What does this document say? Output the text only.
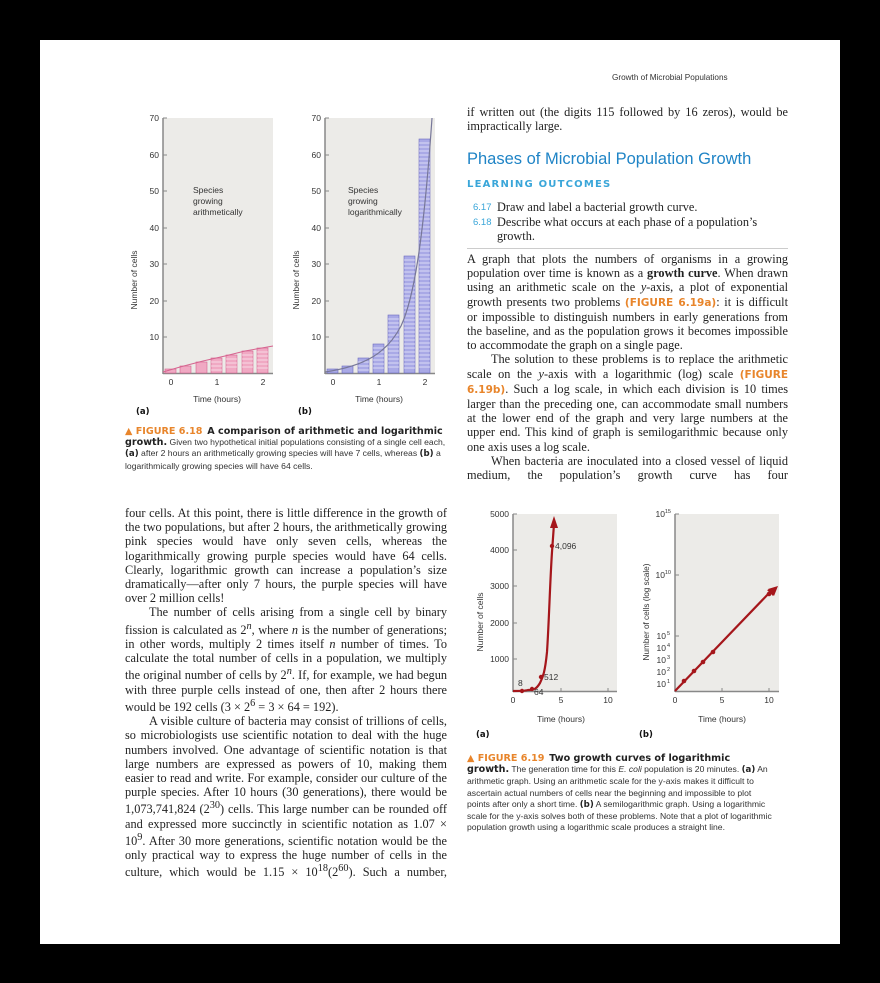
Growth of Microbial Populations
70
60
50
40
30
20
10
Species
growing
arithmetically
0	1	2
Time (hours)
Number of cells
70
60
50
40
30
20
10
Species
growing
logarithmically
0	1	2
Time (hours)
Number of cells
(a)	(b)
▲ FIGURE 6.18 A comparison of arithmetic and logarithmic growth. Given two hypothetical initial populations consisting of a single cell each, (a) after 2 hours an arithmetically growing species will have 7 cells, whereas (b) a logarithmically growing species will have 64 cells.
if written out (the digits 115 followed by 16 zeros), would be impractically large.
Phases of Microbial Population Growth
LEARNING OUTCOMES
6.17 Draw and label a bacterial growth curve.
6.18 Describe what occurs at each phase of a population’s growth.

A graph that plots the numbers of organisms in a growing population over time is known as a growth curve. When drawn using an arithmetic scale on the y-axis, a plot of exponential growth presents two problems (FIGURE 6.19a): it is difficult or impossible to distinguish numbers in early generations from the baseline, and as the population grows it becomes impossible to accommodate the graph on a single page.

The solution to these problems is to replace the arithmetic scale on the y-axis with a logarithmic (log) scale (FIGURE 6.19b). Such a log scale, in which each division is 10 times larger than the preceding one, can accommodate small numbers at the lower end of the graph and very large numbers at the upper end. This kind of graph is semilogarithmic because only one axis uses a log scale.

When bacteria are inoculated into a closed vessel of liquid medium, the population’s growth curve has four

four cells. At this point, there is little difference in the growth of the two populations, but after 2 hours, the arithmetically growing pink species would have only seven cells, whereas the logarithmically growing purple species would have 64 cells. Clearly, logarithmic growth can increase a population’s size dramatically—after only 7 hours, the purple species will have over 2 million cells!

The number of cells arising from a single cell by binary fission is calculated as 2$^n$, where n is the number of generations; in other words, multiply 2 times itself n number of times. To calculate the total number of cells in a population, we multiply the original number of cells by 2$^n$. If, for example, we had begun with three purple cells instead of one, then after 2 hours there would be 192 cells $(3 \times 2^6 = 3 \times 64 = 192)$.

A visible culture of bacteria may consist of trillions of cells, so microbiologists use scientific notation to deal with the huge numbers involved. One advantage of scientific notation is that large numbers are expressed as powers of 10, making them easier to read and write. For example, consider our culture of the purple species. After 10 hours (30 generations), there would be 1,073,741,824 $(2^{30})$ cells. This large number can be rounded off and expressed more succinctly in scientific notation as $1.07 \times 10^9$. After 30 more generations, scientific notation would be the only practical way to express the huge number of cells in the culture, which would be $1.15 \times 10^{18}(2^{60})$. Such a number,

5000
4000
3000
2000
1000
8
64
512
4,096
0	5	10
Time (hours)
Number of cells
10 15
10 10
10 5
10 4
10 3
10 2
10 1
0	5	10
Time (hours)
Number of cells (log scale)
(a)	(b)
▲ FIGURE 6.19 Two growth curves of logarithmic growth. The generation time for this E. coli population is 20 minutes. (a) An arithmetic graph. Using an arithmetic scale for the y-axis makes it difficult to ascertain actual numbers of cells near the beginning and impossible to plot points after only a short time. (b) A semilogarithmic graph. Using a logarithmic scale for the y-axis solves both of these problems. Note that a plot of logarithmic population growth using a logarithmic scale produces a straight line.
